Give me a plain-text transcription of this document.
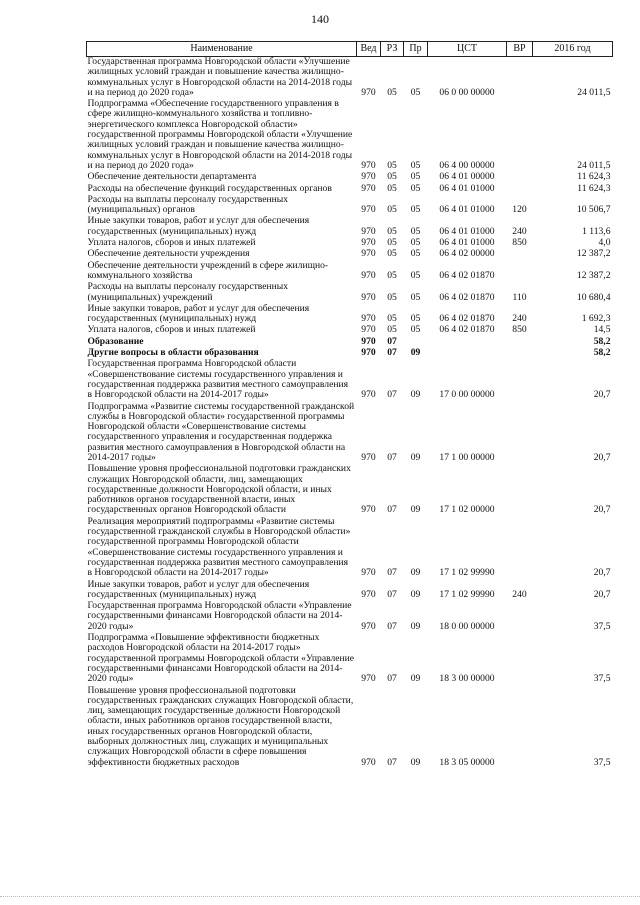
140
Наименование	Вед	РЗ	Пр	ЦСТ	ВР	2016 год
Государственная программа Новгородской области «Улучшение жилищных условий граждан и повышение качества жилищно-коммунальных услуг в Новгородской области на 2014-2018 годы и на период до 2020 года»	970	05	05	06 0 00 00000		24 011,5
Подпрограмма «Обеспечение государственного управления в сфере жилищно-коммунального хозяйства и топливно-энергетического комплекса Новгородской области» государственной программы Новгородской области «Улучшение жилищных условий граждан и повышение качества жилищно-коммунальных услуг в Новгородской области на 2014-2018 годы и на период до 2020 года»	970	05	05	06 4 00 00000		24 011,5
Обеспечение деятельности департамента	970	05	05	06 4 01 00000		11 624,3
Расходы на обеспечение функций государственных органов	970	05	05	06 4 01 01000		11 624,3
Расходы на выплаты персоналу государственных (муниципальных) органов	970	05	05	06 4 01 01000	120	10 506,7
Иные закупки товаров, работ и услуг для обеспечения государственных (муниципальных) нужд	970	05	05	06 4 01 01000	240	1 113,6
Уплата налогов, сборов и иных платежей	970	05	05	06 4 01 01000	850	4,0
Обеспечение деятельности учреждения	970	05	05	06 4 02 00000		12 387,2
Обеспечение деятельности учреждений в сфере жилищно-коммунального хозяйства	970	05	05	06 4 02 01870		12 387,2
Расходы на выплаты персоналу государственных (муниципальных) учреждений	970	05	05	06 4 02 01870	110	10 680,4
Иные закупки товаров, работ и услуг для обеспечения государственных (муниципальных) нужд	970	05	05	06 4 02 01870	240	1 692,3
Уплата налогов, сборов и иных платежей	970	05	05	06 4 02 01870	850	14,5
Образование	970	07				58,2
Другие вопросы в области образования	970	07	09			58,2
Государственная программа Новгородской области «Совершенствование системы государственного управления и государственная поддержка развития местного самоуправления в Новгородской области на 2014-2017 годы»	970	07	09	17 0 00 00000		20,7
Подпрограмма «Развитие системы государственной гражданской службы в Новгородской области» государственной программы Новгородской области «Совершенствование системы государственного управления и государственная поддержка развития местного самоуправления в Новгородской области на 2014-2017 годы»	970	07	09	17 1 00 00000		20,7
Повышение уровня профессиональной подготовки гражданских служащих Новгородской области, лиц, замещающих государственные должности Новгородской области, и иных работников органов государственной власти, иных государственных органов Новгородской области	970	07	09	17 1 02 00000		20,7
Реализация мероприятий подпрограммы «Развитие системы государственной гражданской службы в Новгородской области» государственной программы Новгородской области «Совершенствование системы государственного управления и государственная поддержка развития местного самоуправления в Новгородской области на 2014-2017 годы»	970	07	09	17 1 02 99990		20,7
Иные закупки товаров, работ и услуг для обеспечения государственных (муниципальных) нужд	970	07	09	17 1 02 99990	240	20,7
Государственная программа Новгородской области «Управление государственными финансами Новгородской области на 2014-2020 годы»	970	07	09	18 0 00 00000		37,5
Подпрограмма «Повышение эффективности бюджетных расходов Новгородской области на 2014-2017 годы» государственной программы Новгородской области «Управление государственными финансами Новгородской области на 2014-2020 годы»	970	07	09	18 3 00 00000		37,5
Повышение уровня профессиональной подготовки государственных гражданских служащих Новгородской области, лиц, замещающих государственные должности Новгородской области, иных работников органов государственной власти, иных государственных органов Новгородской области, выборных должностных лиц, служащих и муниципальных служащих Новгородской области в сфере повышения эффективности бюджетных расходов	970	07	09	18 3 05 00000		37,5
